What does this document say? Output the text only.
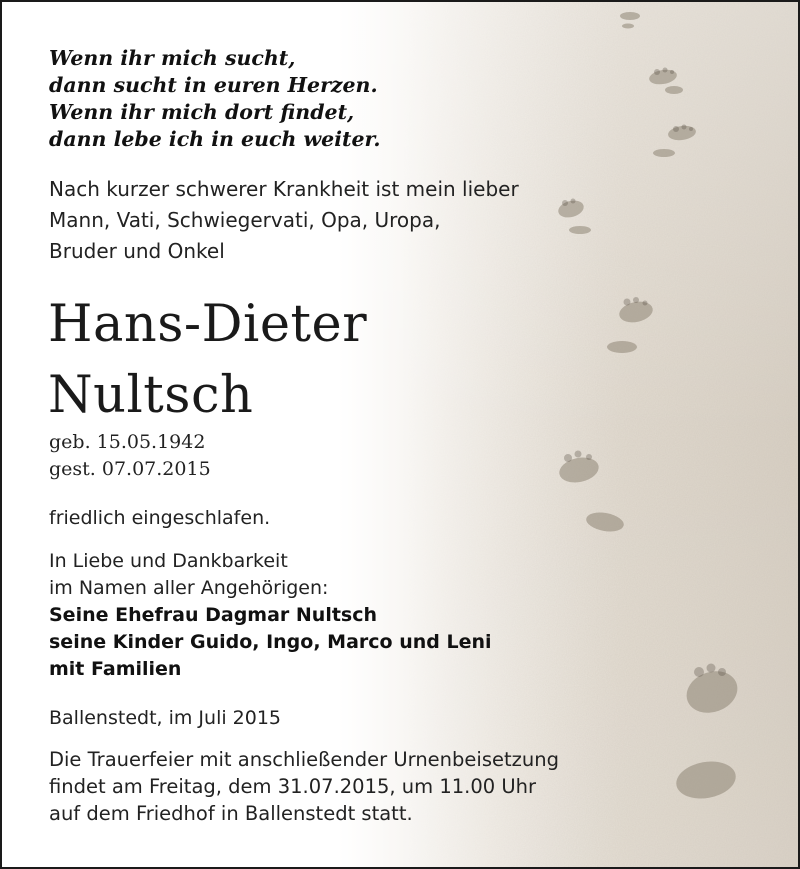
Wenn ihr mich sucht,
dann sucht in euren Herzen.
Wenn ihr mich dort findet,
dann lebe ich in euch weiter.
Nach kurzer schwerer Krankheit ist mein lieber
Mann, Vati, Schwiegervati, Opa, Uropa,
Bruder und Onkel
Hans-Dieter
Nultsch
geb. 15.05.1942
gest. 07.07.2015
friedlich eingeschlafen.
In Liebe und Dankbarkeit
im Namen aller Angehörigen:
Seine Ehefrau Dagmar Nultsch
seine Kinder Guido, Ingo, Marco und Leni
mit Familien
Ballenstedt, im Juli 2015
Die Trauerfeier mit anschließender Urnenbeisetzung
findet am Freitag, dem 31.07.2015, um 11.00 Uhr
auf dem Friedhof in Ballenstedt statt.
